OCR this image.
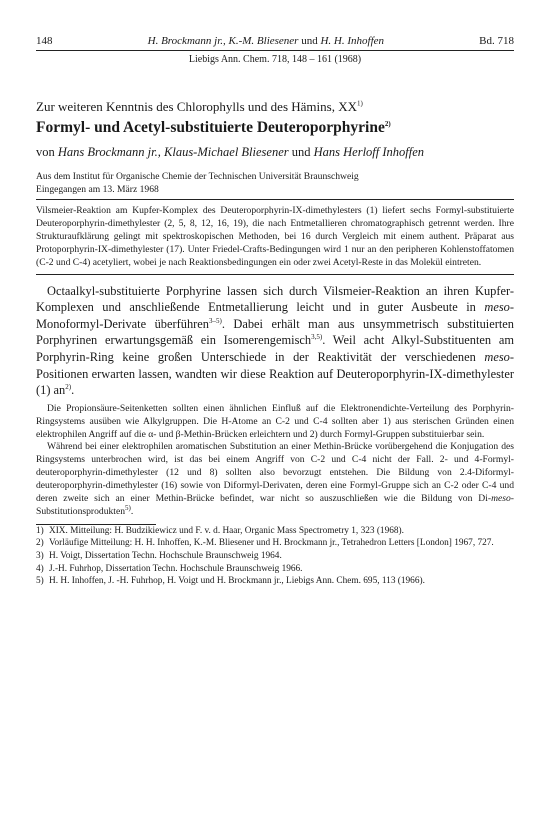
148	H. Brockmann jr., K.-M. Bliesener und H. H. Inhoffen	Bd. 718
Liebigs Ann. Chem. 718, 148 – 161 (1968)
Zur weiteren Kenntnis des Chlorophylls und des Hämins, XX$^{1)}$
Formyl- und Acetyl-substituierte Deuteroporphyrine$^{2)}$
von Hans Brockmann jr., Klaus-Michael Bliesener und Hans Herloff Inhoffen
Aus dem Institut für Organische Chemie der Technischen Universität Braunschweig
Eingegangen am 13. März 1968
Vilsmeier-Reaktion am Kupfer-Komplex des Deuteroporphyrin-IX-dimethylesters (1) liefert sechs Formyl-substituierte Deuteroporphyrin-dimethylester (2, 5, 8, 12, 16, 19), die nach Entmetallieren chromatographisch getrennt werden. Ihre Strukturaufklärung gelingt mit spektroskopischen Methoden, bei 16 durch Vergleich mit einem authent. Präparat aus Protoporphyrin-IX-dimethylester (17). Unter Friedel-Crafts-Bedingungen wird 1 nur an den peripheren Kohlenstoffatomen (C-2 und C-4) acetyliert, wobei je nach Reaktionsbedingungen ein oder zwei Acetyl-Reste in das Molekül eintreten.

Octaalkyl-substituierte Porphyrine lassen sich durch Vilsmeier-Reaktion an ihren Kupfer-Komplexen und anschließende Entmetallierung leicht und in guter Ausbeute in meso-Monoformyl-Derivate überführen$^{3-5)}$. Dabei erhält man aus unsymmetrisch substituierten Porphyrinen erwartungsgemäß ein Isomerengemisch$^{3,5)}$. Weil acht Alkyl-Substituenten am Porphyrin-Ring keine großen Unterschiede in der Reaktivität der verschiedenen meso-Positionen erwarten lassen, wandten wir diese Reaktion auf Deuteroporphyrin-IX-dimethylester (1) $an^{2)}$.

Die Propionsäure-Seitenketten sollten einen ähnlichen Einfluß auf die Elektronendichte-Verteilung des Porphyrin-Ringsystems ausüben wie Alkylgruppen. Die H-Atome an C-2 und C-4 sollten aber 1) aus sterischen Gründen einen elektrophilen Angriff auf die α- und β-Methin-Brücken erleichtern und 2) durch Formyl-Gruppen substituierbar sein.

Während bei einer elektrophilen aromatischen Substitution an einer Methin-Brücke vorübergehend die Konjugation des Ringsystems unterbrochen wird, ist das bei einem Angriff von C-2 und C-4 nicht der Fall. 2- und 4-Formyl-deuteroporphyrin-dimethylester (12 und 8) sollten also bevorzugt entstehen. Die Bildung von 2.4-Diformyl-deuteroporphyrin-dimethylester (16) sowie von Diformyl-Derivaten, deren eine Formyl-Gruppe sich an C-2 oder C-4 und deren zweite sich an einer Methin-Brücke befindet, war nicht so auszuschließen wie die Bildung von Di-meso-Substitutionsprodukten$^{5)}$.

1) XIX. Mitteilung: H. Budzikiewicz und F. v. d. Haar, Organic Mass Spectrometry 1, 323 (1968).
2) Vorläufige Mitteilung: H. H. Inhoffen, K.-M. Bliesener und H. Brockmann jr., Tetrahedron Letters [London] 1967, 727.
3) H. Voigt, Dissertation Techn. Hochschule Braunschweig 1964.
4) J.-H. Fuhrhop, Dissertation Techn. Hochschule Braunschweig 1966.
5) H. H. Inhoffen, J. -H. Fuhrhop, H. Voigt und H. Brockmann jr., Liebigs Ann. Chem. 695, 113 (1966).
